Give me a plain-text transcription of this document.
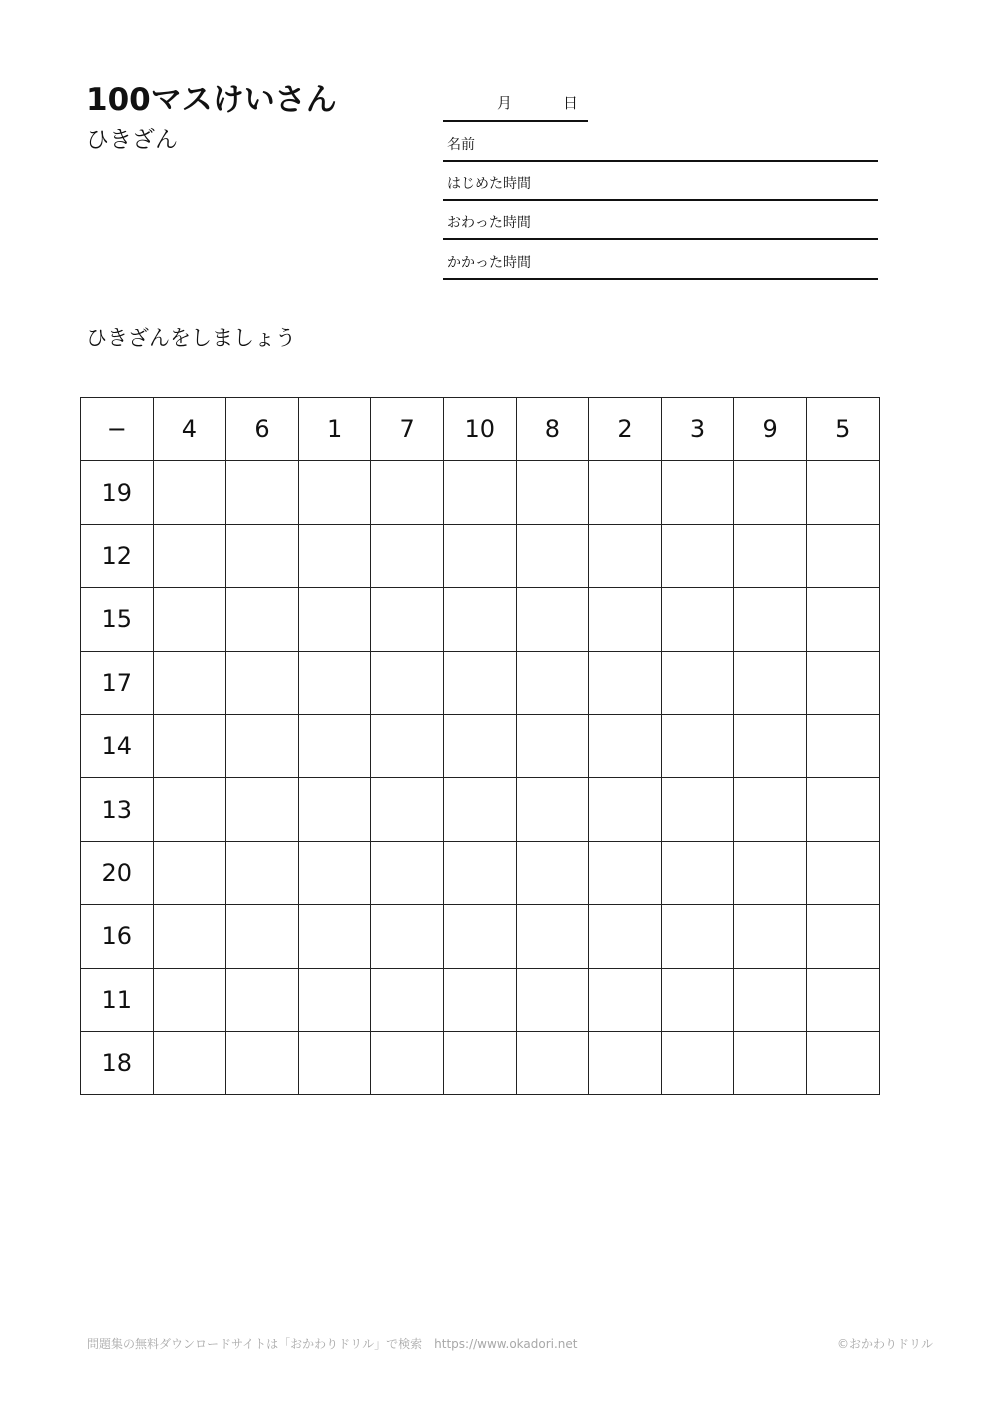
100マスけいさん
ひきざん
月	日
名前
はじめた時間
おわった時間
かかった時間
ひきざんをしましょう
−	4	6	1	7	10	8	2	3	9	5
19										
12										
15										
17										
14										
13										
20										
16										
11										
18										
問題集の無料ダウンロードサイトは「おかわりドリル」で検索　https://www.okadori.net	©おかわりドリル
